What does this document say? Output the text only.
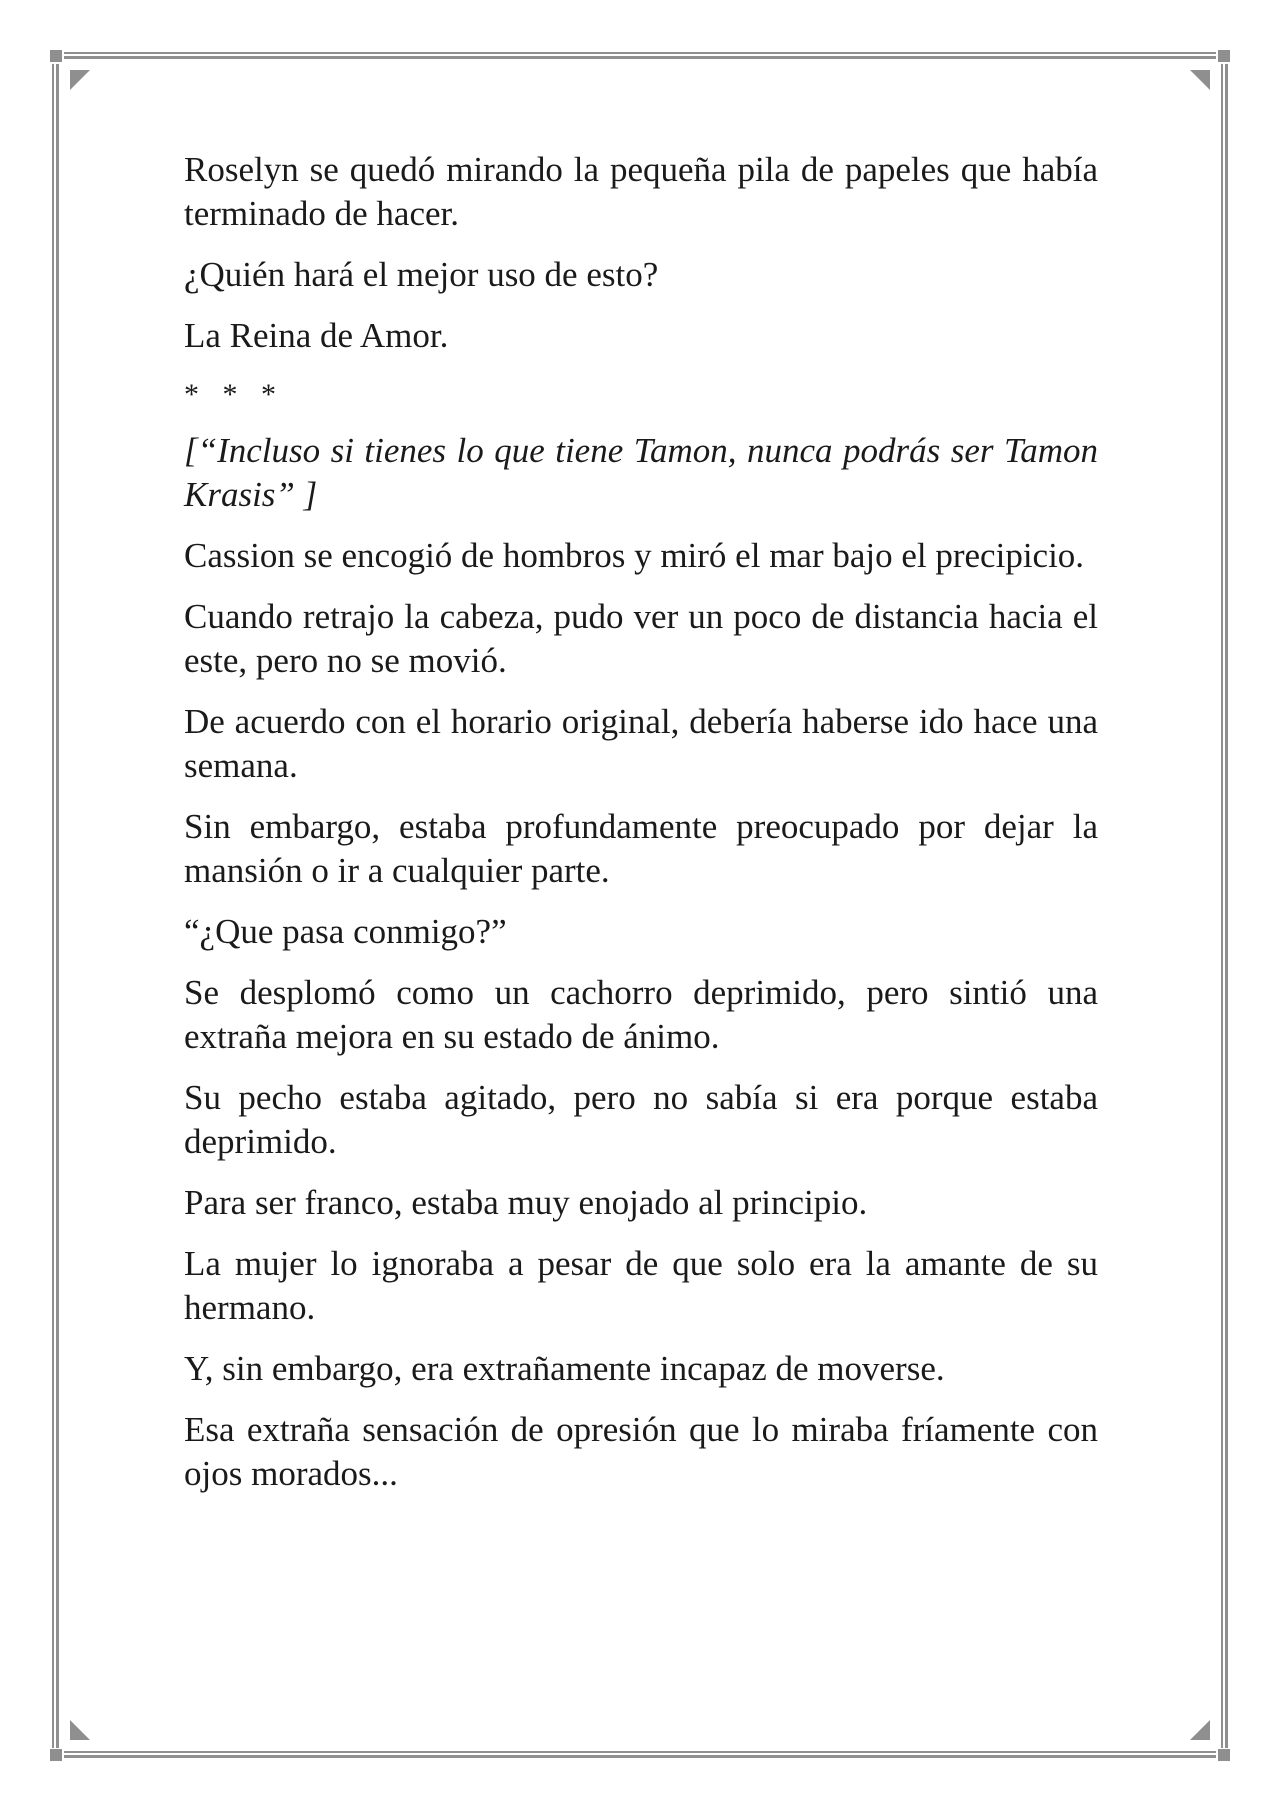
Roselyn se quedó mirando la pequeña pila de papeles que había terminado de hacer.

¿Quién hará el mejor uso de esto?

La Reina de Amor.

* * *

[“Incluso si tienes lo que tiene Tamon, nunca podrás ser Tamon Krasis” ]

Cassion se encogió de hombros y miró el mar bajo el precipicio.

Cuando retrajo la cabeza, pudo ver un poco de distancia hacia el este, pero no se movió.

De acuerdo con el horario original, debería haberse ido hace una semana.

Sin embargo, estaba profundamente preocupado por dejar la mansión o ir a cualquier parte.

“¿Que pasa conmigo?”

Se desplomó como un cachorro deprimido, pero sintió una extraña mejora en su estado de ánimo.

Su pecho estaba agitado, pero no sabía si era porque estaba deprimido.

Para ser franco, estaba muy enojado al principio.

La mujer lo ignoraba a pesar de que solo era la amante de su hermano.

Y, sin embargo, era extrañamente incapaz de moverse.

Esa extraña sensación de opresión que lo miraba fríamente con ojos morados...
